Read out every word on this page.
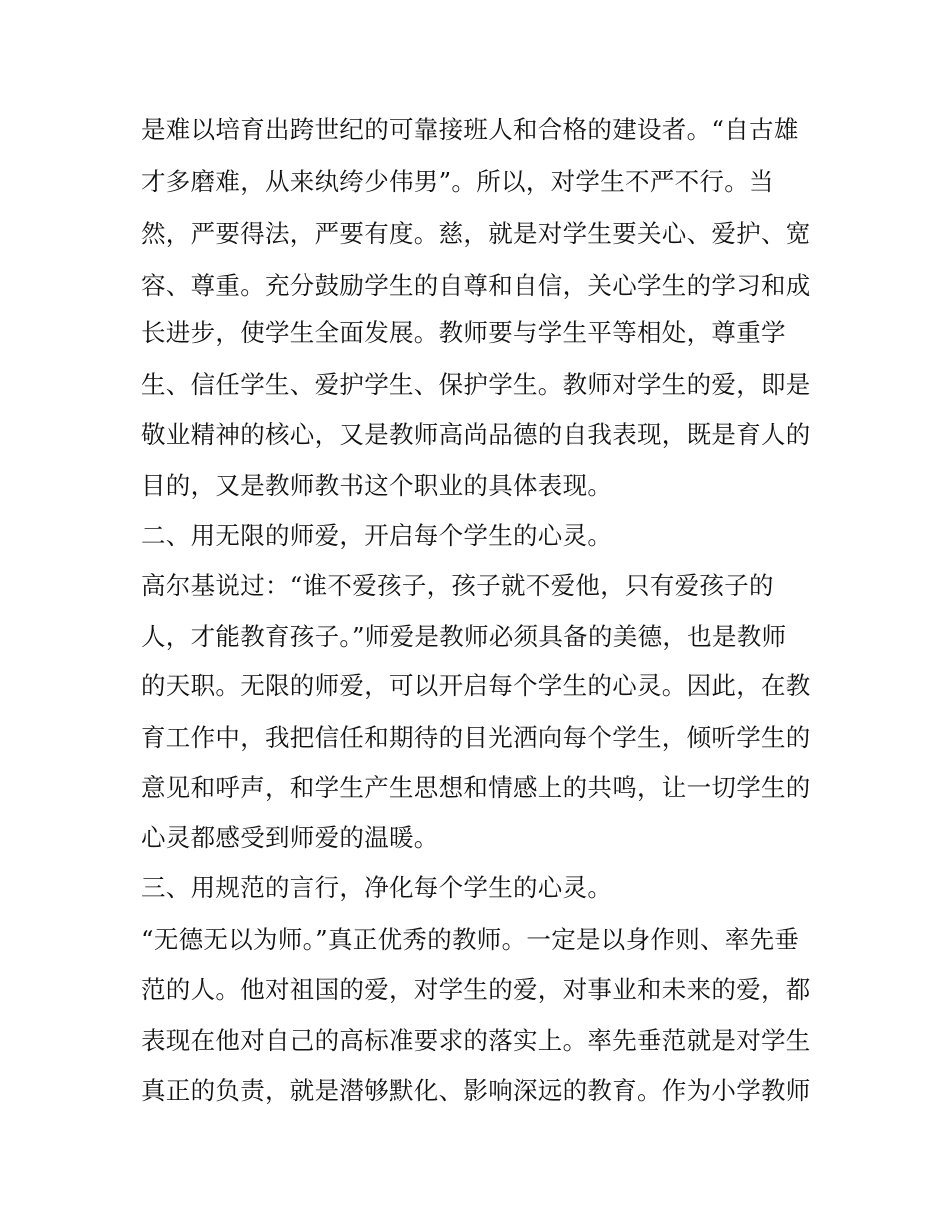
是难以培育出跨世纪的可靠接班人和合格的建设者。“自古雄
才多磨难，从来纨绔少伟男”。所以，对学生不严不行。当
然，严要得法，严要有度。慈，就是对学生要关心、爱护、宽
容、尊重。充分鼓励学生的自尊和自信，关心学生的学习和成
长进步，使学生全面发展。教师要与学生平等相处，尊重学
生、信任学生、爱护学生、保护学生。教师对学生的爱，即是
敬业精神的核心，又是教师高尚品德的自我表现，既是育人的
目的，又是教师教书这个职业的具体表现。
二、用无限的师爱，开启每个学生的心灵。
高尔基说过：“谁不爱孩子，孩子就不爱他，只有爱孩子的
人，才能教育孩子。”师爱是教师必须具备的美德，也是教师
的天职。无限的师爱，可以开启每个学生的心灵。因此，在教
育工作中，我把信任和期待的目光洒向每个学生，倾听学生的
意见和呼声，和学生产生思想和情感上的共鸣，让一切学生的
心灵都感受到师爱的温暖。
三、用规范的言行，净化每个学生的心灵。
“无德无以为师。”真正优秀的教师。一定是以身作则、率先垂
范的人。他对祖国的爱，对学生的爱，对事业和未来的爱，都
表现在他对自己的高标准要求的落实上。率先垂范就是对学生
真正的负责，就是潜够默化、影响深远的教育。作为小学教师
